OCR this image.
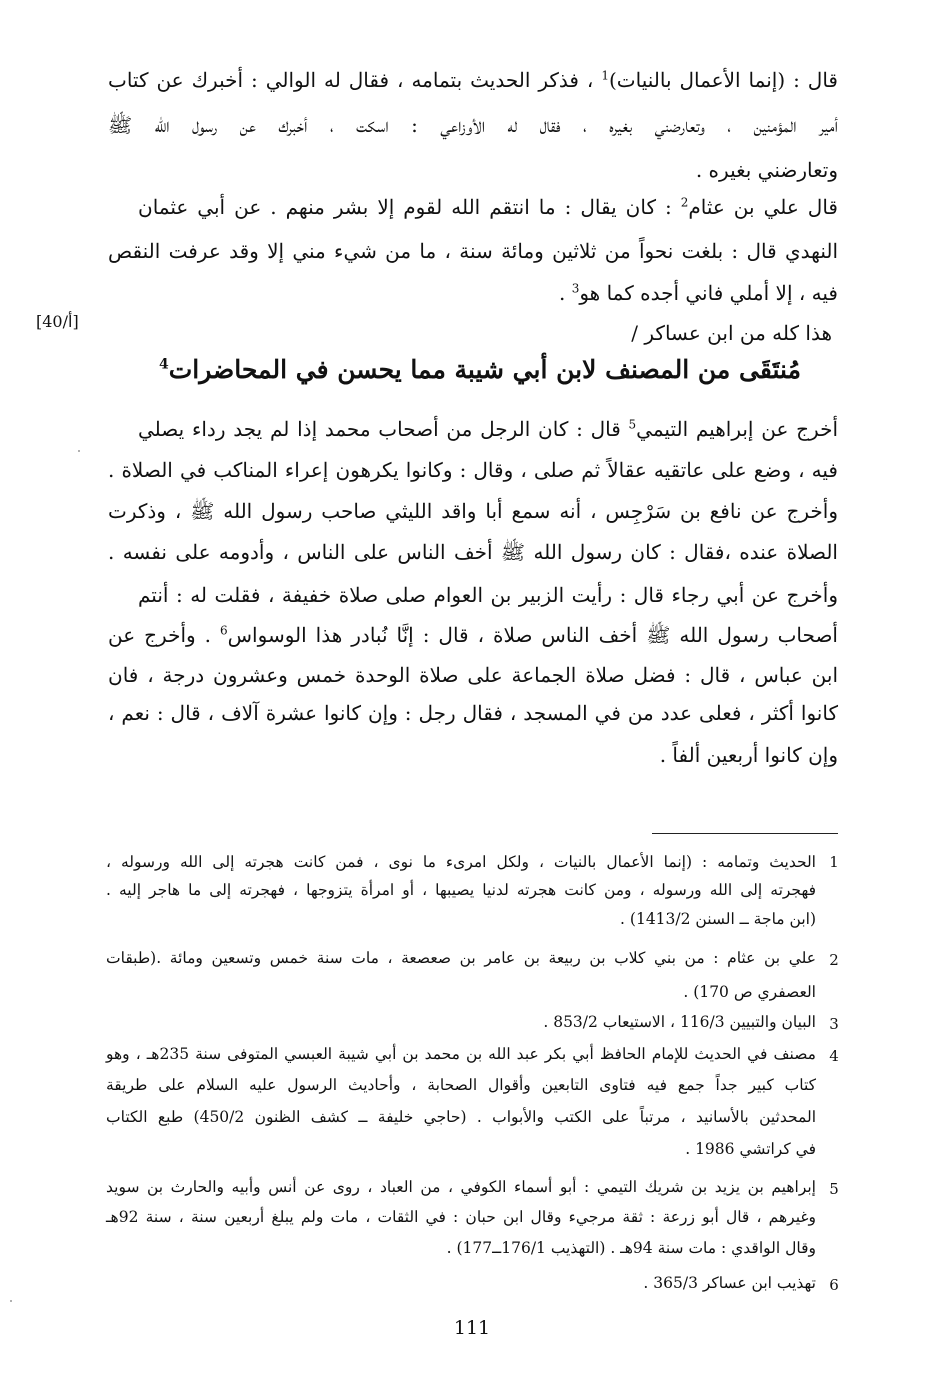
قال : (إنما الأعمال بالنيات)$^1$ ، فذكر الحديث بتمامه ، فقال له الوالي : أخبرك عن كتاب
أمير المؤمنين ، وتعارضني بغيره ، فقال له الأوزاعي : اسكت ، أخبرك عن رسول الله ﷺ
وتعارضني بغيره .
قال علي بن عثام$^2$ : كان يقال : ما انتقم الله لقوم إلا بشر منهم . عن أبي عثمان
النهدي قال : بلغت نحواً من ثلاثين ومائة سنة ، ما من شيء مني إلا وقد عرفت النقص
فيه ، إلا أملي فاني أجده كما هو$^3$ .
هذا كله من ابن عساكر /
[أ/40]
مُنتَقَى من المصنف لابن أبي شيبة مما يحسن في المحاضرات$^4$
أخرج عن إبراهيم التيمي$^5$ قال : كان الرجل من أصحاب محمد إذا لم يجد رداء يصلي
فيه ، وضع على عاتقيه عقالاً ثم صلى ، وقال : وكانوا يكرهون إعراء المناكب في الصلاة .
وأخرج عن نافع بن سَرْجِس ، أنه سمع أبا واقد الليثي صاحب رسول الله ﷺ ، وذكرت
الصلاة عنده ،فقال : كان رسول الله ﷺ أخف الناس على الناس ، وأدومه على نفسه .
وأخرج عن أبي رجاء قال : رأيت الزبير بن العوام صلى صلاة خفيفة ، فقلت له : أنتم
أصحاب رسول الله ﷺ أخف الناس صلاة ، قال : إنَّا نُبادر هذا الوسواس$^6$ . وأخرج عن
ابن عباس ، قال : فضل صلاة الجماعة على صلاة الوحدة خمس وعشرون درجة ، فان
كانوا أكثر ، فعلى عدد من في المسجد ، فقال رجل : وإن كانوا عشرة آلاف ، قال : نعم ،
وإن كانوا أربعين ألفاً .
1
الحديث وتمامه : (إنما الأعمال بالنيات ، ولكل امرىء ما نوى ، فمن كانت هجرته إلى الله ورسوله ،
فهجرته إلى الله ورسوله ، ومن كانت هجرته لدنيا يصيبها ، أو امرأة يتزوجها ، فهجرته إلى ما هاجر إليه .
(ابن ماجة ــ السنن 1413/2) .
2
علي بن عثام : من بني كلاب بن ربيعة بن عامر بن صعصعة ، مات سنة خمس وتسعين ومائة .(طبقات
العصفري ص 170) .
3
البيان والتبيين 116/3 ، الاستيعاب 853/2 .
4
مصنف في الحديث للإمام الحافظ أبي بكر عبد الله بن محمد بن أبي شيبة العبسي المتوفى سنة 235هـ ، وهو
كتاب كبير جداً جمع فيه فتاوى التابعين وأقوال الصحابة ، وأحاديث الرسول عليه السلام على طريقة
المحدثين بالأسانيد ، مرتباً على الكتب والأبواب . (حاجي خليفة ــ كشف الظنون 450/2) طبع الكتاب
في كراتشي 1986 .
5
إبراهيم بن يزيد بن شريك التيمي : أبو أسماء الكوفي ، من العباد ، روى عن أنس وأبيه والحارث بن سويد
وغيرهم ، قال أبو زرعة : ثقة مرجيء وقال ابن حبان : في الثقات ، مات ولم يبلغ أربعين سنة ، سنة 92هـ
وقال الواقدي : مات سنة 94هـ . (التهذيب 176/1ــ177) .
6
تهذيب ابن عساكر 365/3 .
111
